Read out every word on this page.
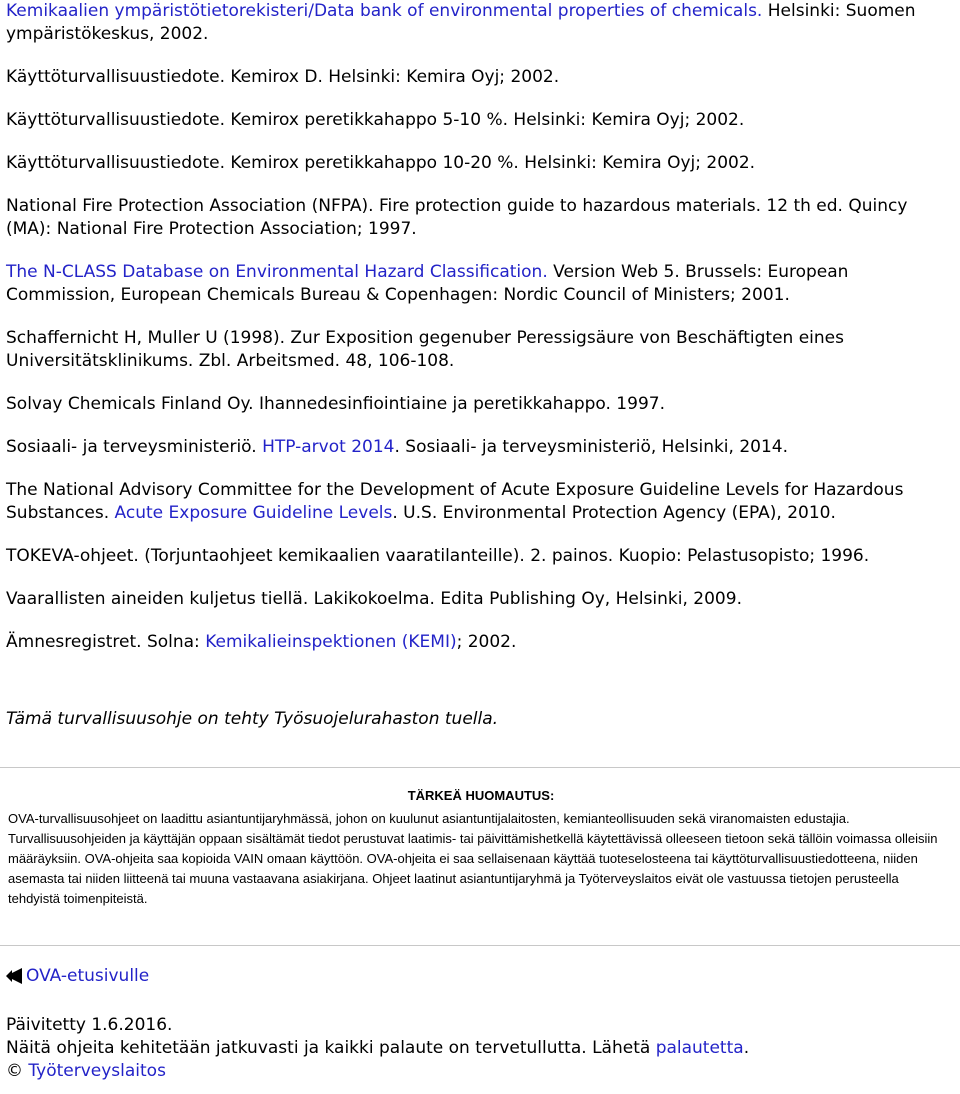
Kemikaalien ympäristötietorekisteri/Data bank of environmental properties of chemicals. Helsinki: Suomen ympäristökeskus, 2002.

Käyttöturvallisuustiedote. Kemirox D. Helsinki: Kemira Oyj; 2002.

Käyttöturvallisuustiedote. Kemirox peretikkahappo 5-10 %. Helsinki: Kemira Oyj; 2002.

Käyttöturvallisuustiedote. Kemirox peretikkahappo 10-20 %. Helsinki: Kemira Oyj; 2002.

National Fire Protection Association (NFPA). Fire protection guide to hazardous materials. 12 th ed. Quincy (MA): National Fire Protection Association; 1997.

The N-CLASS Database on Environmental Hazard Classification. Version Web 5. Brussels: European Commission, European Chemicals Bureau & Copenhagen: Nordic Council of Ministers; 2001.

Schaffernicht H, Muller U (1998). Zur Exposition gegenuber Peressigsäure von Beschäftigten eines Universitätsklinikums. Zbl. Arbeitsmed. 48, 106-108.

Solvay Chemicals Finland Oy. Ihannedesinfiointiaine ja peretikkahappo. 1997.

Sosiaali- ja terveysministeriö. HTP-arvot 2014. Sosiaali- ja terveysministeriö, Helsinki, 2014.

The National Advisory Committee for the Development of Acute Exposure Guideline Levels for Hazardous Substances. Acute Exposure Guideline Levels. U.S. Environmental Protection Agency (EPA), 2010.

TOKEVA-ohjeet. (Torjuntaohjeet kemikaalien vaaratilanteille). 2. painos. Kuopio: Pelastusopisto; 1996.

Vaarallisten aineiden kuljetus tiellä. Lakikokoelma. Edita Publishing Oy, Helsinki, 2009.

Ämnesregistret. Solna: Kemikalieinspektionen (KEMI); 2002.

Tämä turvallisuusohje on tehty Työsuojelurahaston tuella.

TÄRKEÄ HUOMAUTUS:
OVA-turvallisuusohjeet on laadittu asiantuntijaryhmässä, johon on kuulunut asiantuntijalaitosten, kemianteollisuuden sekä viranomaisten edustajia. Turvallisuusohjeiden ja käyttäjän oppaan sisältämät tiedot perustuvat laatimis- tai päivittämishetkellä käytettävissä olleeseen tietoon sekä tällöin voimassa olleisiin määräyksiin. OVA-ohjeita saa kopioida VAIN omaan käyttöön. OVA-ohjeita ei saa sellaisenaan käyttää tuoteselosteena tai käyttöturvallisuustiedotteena, niiden asemasta tai niiden liitteenä tai muuna vastaavana asiakirjana. Ohjeet laatinut asiantuntijaryhmä ja Työterveyslaitos eivät ole vastuussa tietojen perusteella tehdyistä toimenpiteistä.
OVA-etusivulle

Päivitetty 1.6.2016.

Näitä ohjeita kehitetään jatkuvasti ja kaikki palaute on tervetullutta. Lähetä palautetta.

© Työterveyslaitos
